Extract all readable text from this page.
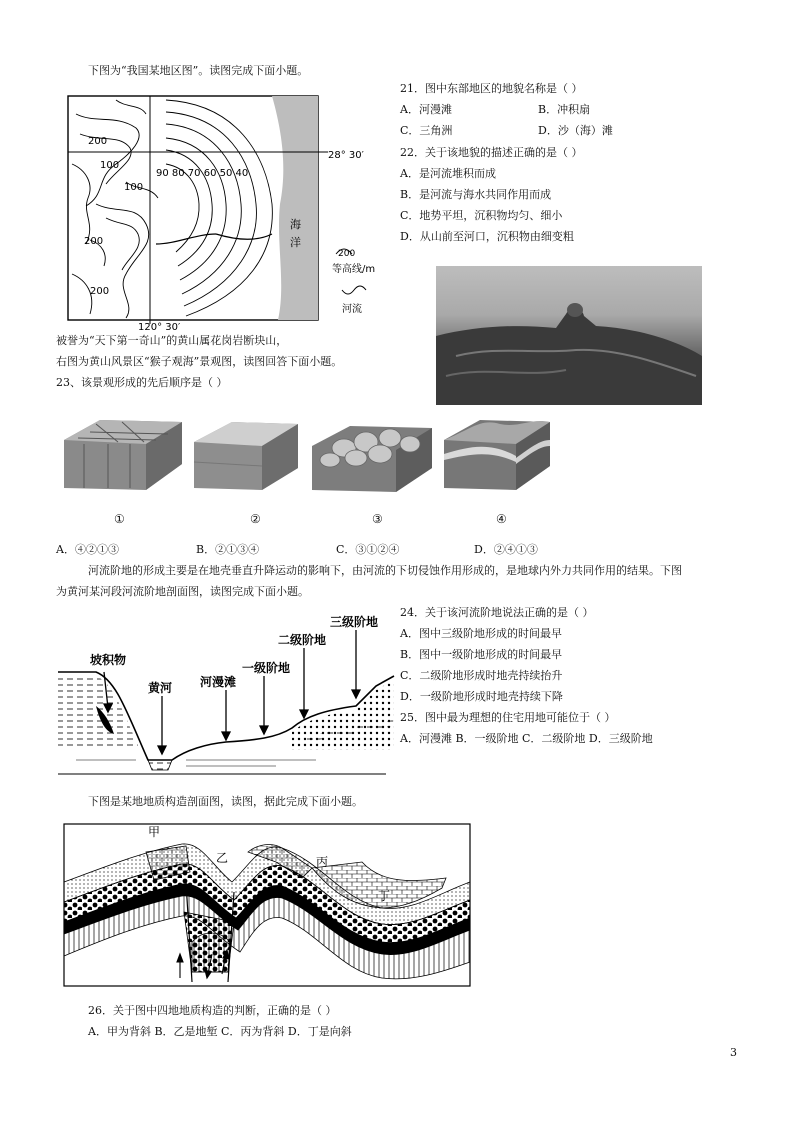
下图为“我国某地区图”。读图完成下面小题。
200
200
200
100
100
90 80 70 60 50 40
28° 30′
120° 30′
海
洋
200
等高线/m
河流
21．图中东部地区的地貌名称是（ ）
A．河漫滩	B．冲积扇
C．三角洲	D．沙（海）滩
22．关于该地貌的描述正确的是（ ）
A．是河流堆积而成
B．是河流与海水共同作用而成
C．地势平坦，沉积物均匀、细小
D．从山前至河口，沉积物由细变粗
被誉为“天下第一奇山”的黄山属花岗岩断块山，
右图为黄山风景区“猴子观海”景观图，读图回答下面小题。
23、该景观形成的先后顺序是（ ）
①	②	③	④
A．④②①③	B．②①③④	C．③①②④	D．②④①③
河流阶地的形成主要是在地壳垂直升降运动的影响下，由河流的下切侵蚀作用形成的，是地球内外力共同作用的结果。下图
为黄河某河段河流阶地剖面图，读图完成下面小题。
坡积物
黄河 河漫滩
一级阶地
二级阶地
三级阶地
24．关于该河流阶地说法正确的是（ ）
A．图中三级阶地形成的时间最早
B．图中一级阶地形成的时间最早
C．二级阶地形成时地壳持续抬升
D．一级阶地形成时地壳持续下降
25．图中最为理想的住宅用地可能位于（ ）
A．河漫滩 B．一级阶地 C．二级阶地 D．三级阶地
下图是某地地质构造剖面图，读图，据此完成下面小题。
甲
乙	丙
丁
26．关于图中四地地质构造的判断，正确的是（ ）
A．甲为背斜 B．乙是地堑 C．丙为背斜 D．丁是向斜
3
